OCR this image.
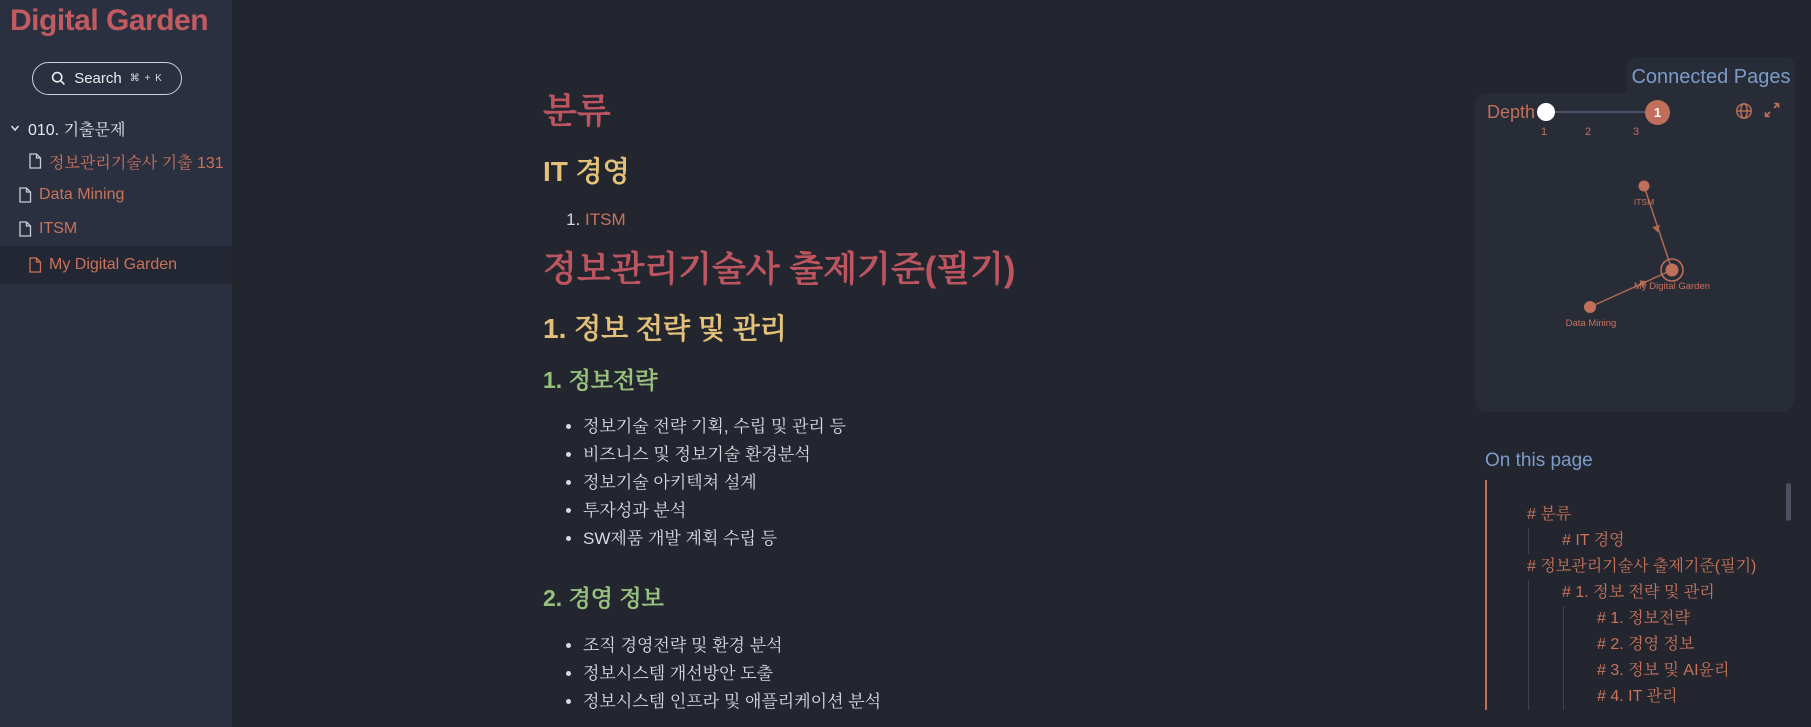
Digital Garden
Search ⌘ + K
010. 기출문제
정보관리기술사 기출 131
Data Mining
ITSM
My Digital Garden
분류
IT 경영
1. ITSM
정보관리기술사 출제기준(필기)
1. 정보 전략 및 관리
1. 정보전략
• 정보기술 전략 기획, 수립 및 관리 등
• 비즈니스 및 정보기술 환경분석
• 정보기술 아키텍쳐 설계
• 투자성과 분석
• SW제품 개발 계획 수립 등
2. 경영 정보
• 조직 경영전략 및 환경 분석
• 정보시스템 개선방안 도출
• 정보시스템 인프라 및 애플리케이션 분석
Connected Pages
Depth	1
1	2	3
ITSM
My Digital Garden
Data Mining
On this page
# 분류
# IT 경영
# 정보관리기술사 출제기준(필기)
# 1. 정보 전략 및 관리
# 1. 정보전략
# 2. 경영 정보
# 3. 정보 및 AI윤리
# 4. IT 관리
